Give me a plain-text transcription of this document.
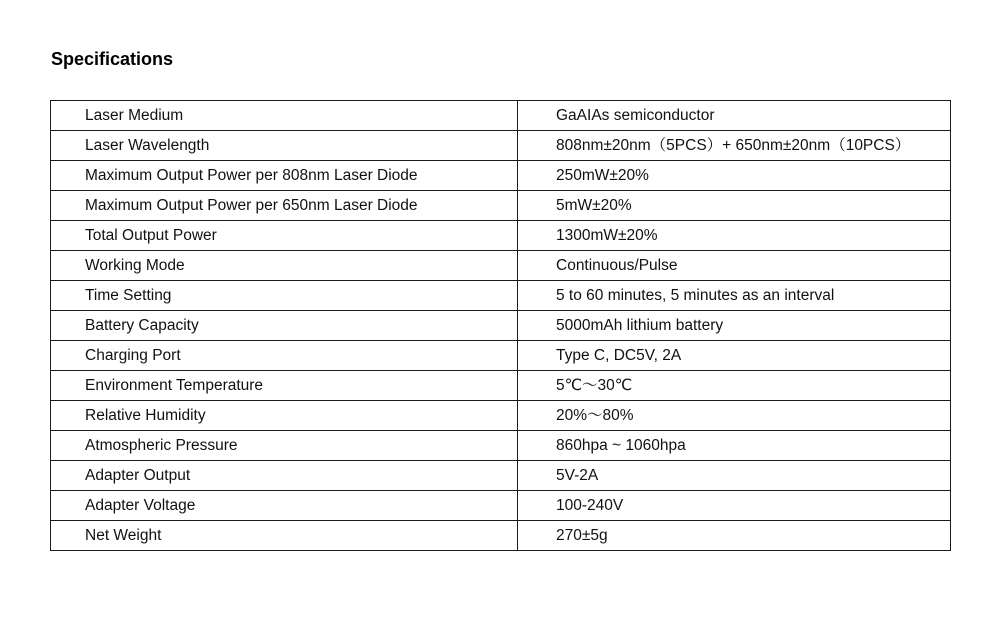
Specifications
Laser Medium	GaAIAs semiconductor
Laser Wavelength	808nm±20nm（5PCS）+ 650nm±20nm（10PCS）
Maximum Output Power per 808nm Laser Diode	250mW±20%
Maximum Output Power per 650nm Laser Diode	5mW±20%
Total Output Power	1300mW±20%
Working Mode	Continuous/Pulse
Time Setting	5 to 60 minutes, 5 minutes as an interval
Battery Capacity	5000mAh lithium battery
Charging Port	Type C, DC5V, 2A
Environment Temperature	5℃～30℃
Relative Humidity	20%～80%
Atmospheric Pressure	860hpa ~ 1060hpa
Adapter Output	5V-2A
Adapter Voltage	100-240V
Net Weight	270±5g
